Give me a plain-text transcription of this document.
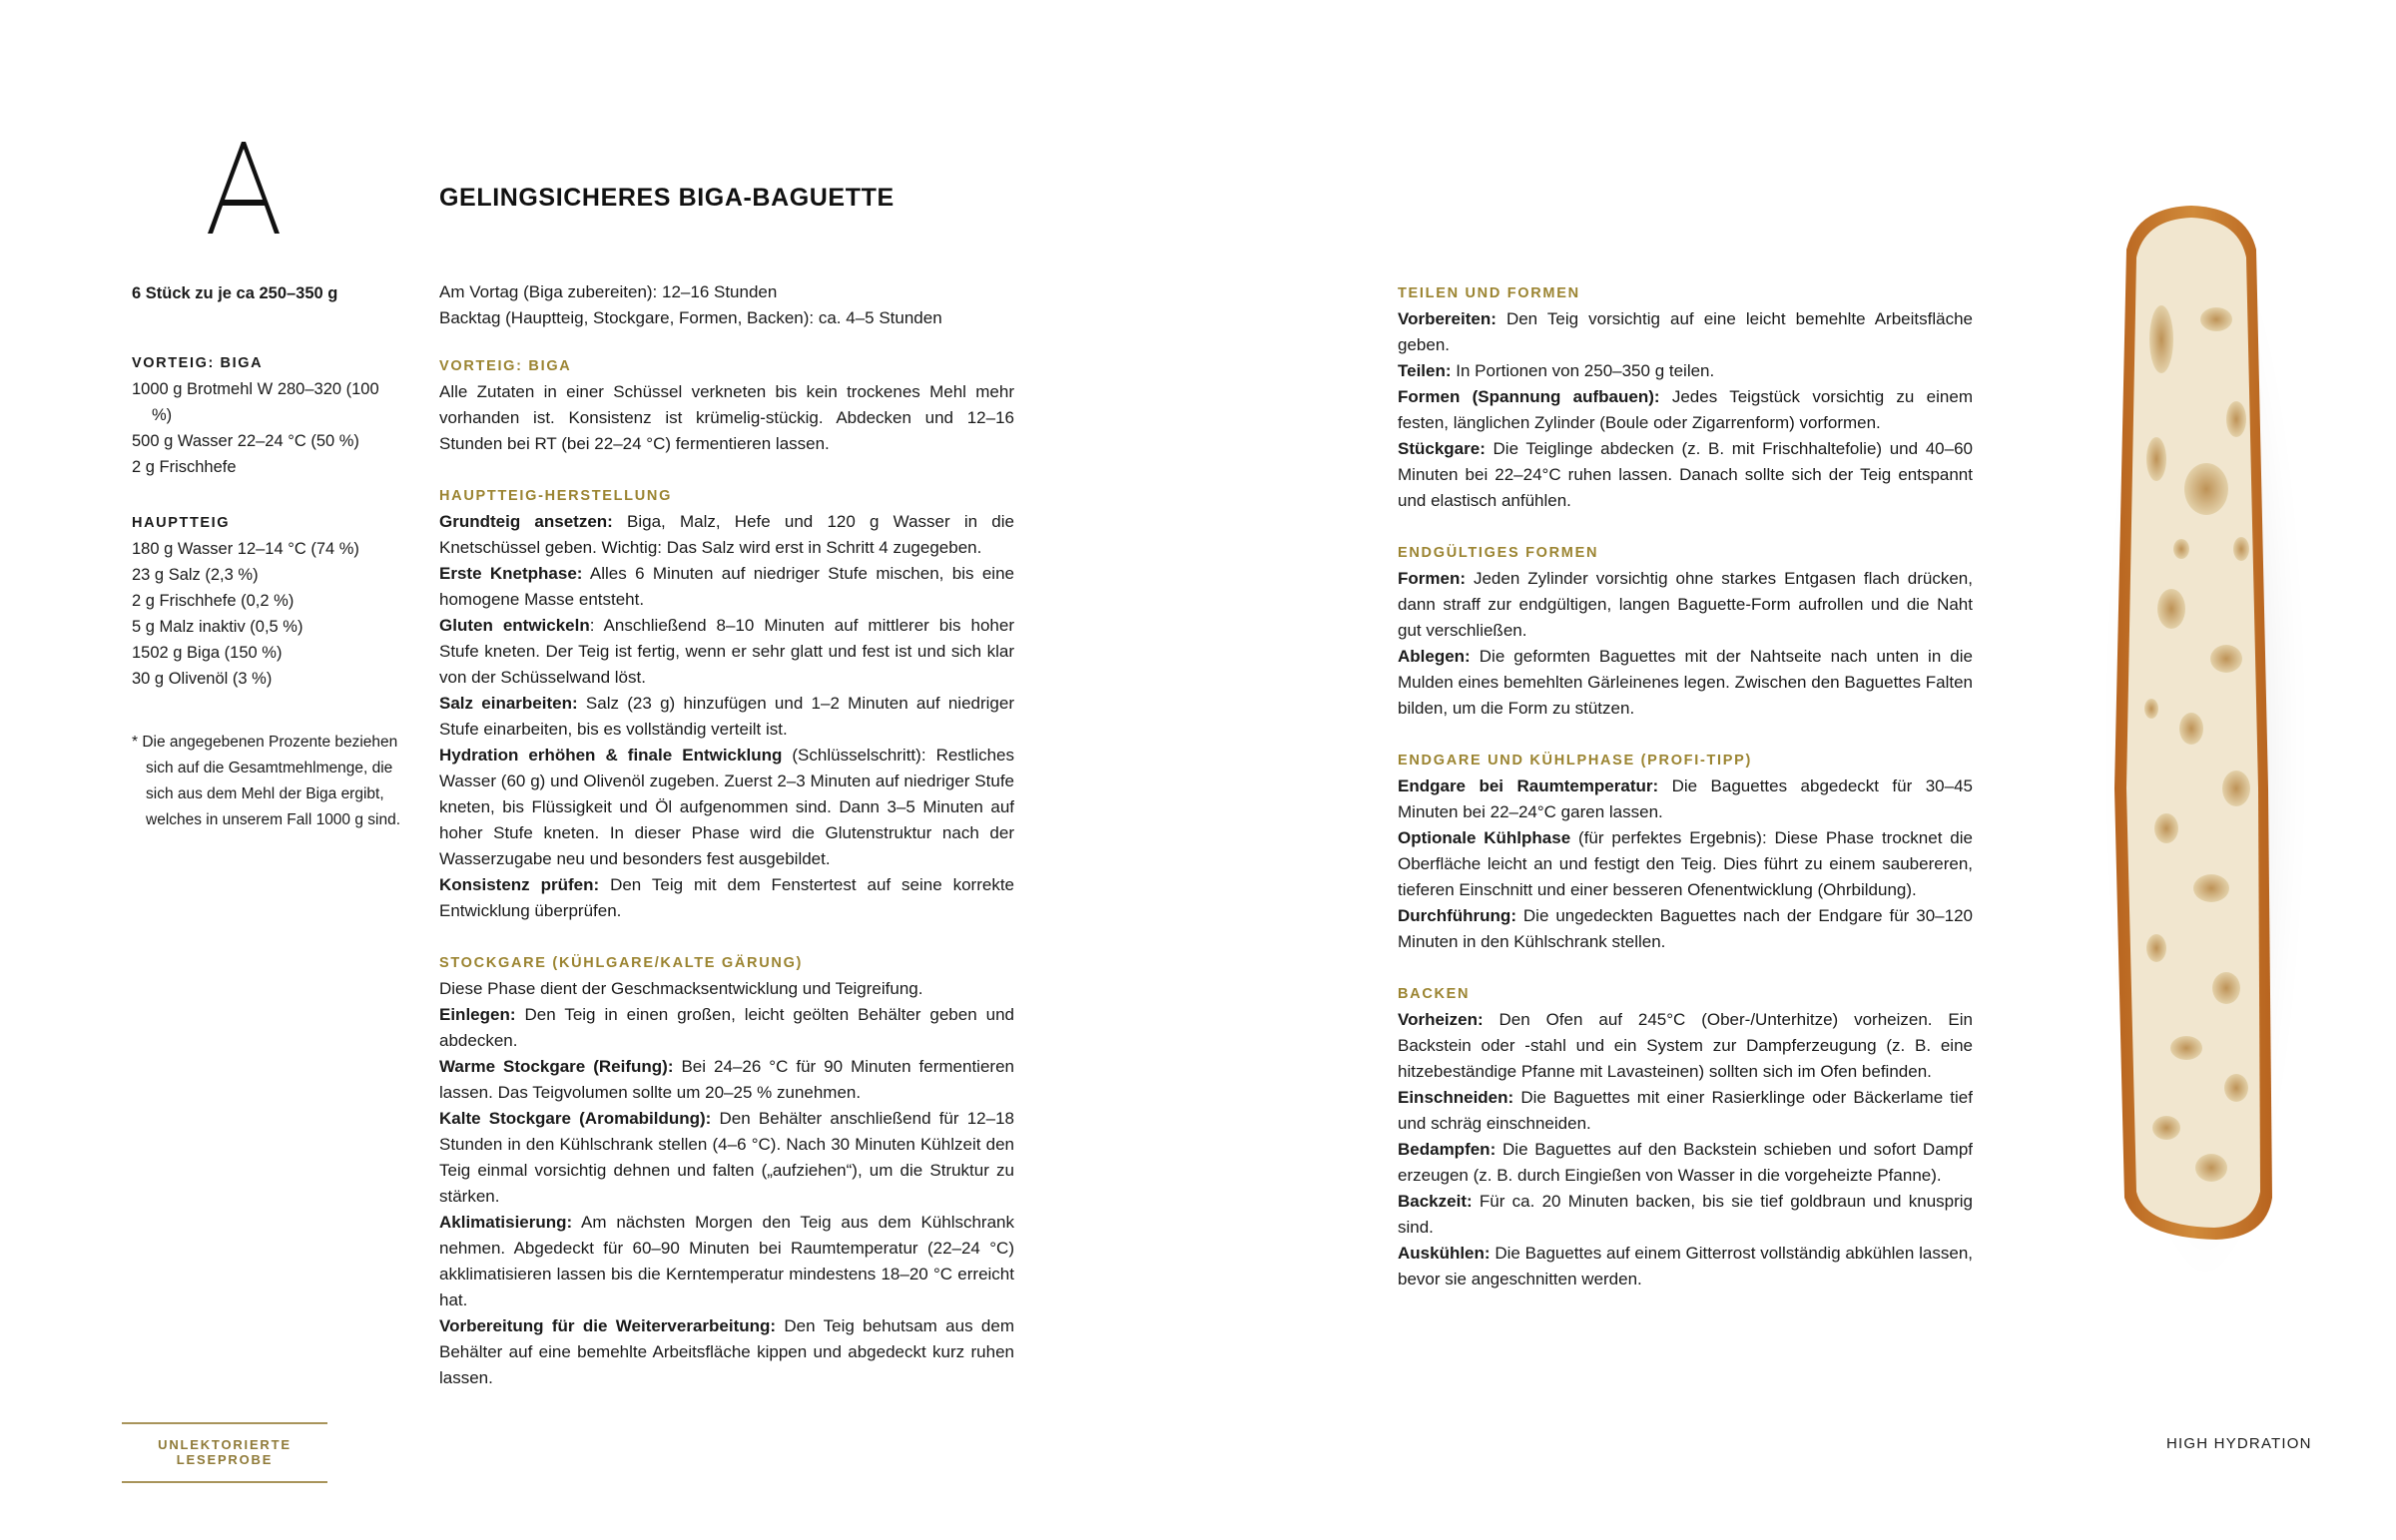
GELINGSICHERES BIGA-BAGUETTE
6 Stück zu je ca 250–350 g
VORTEIG: BIGA
1000 g Brotmehl W 280–320 (100 %)
500 g Wasser 22–24 °C (50 %)
2 g Frischhefe
HAUPTTEIG
180 g Wasser 12–14 °C (74 %)
23 g Salz (2,3 %)
2 g Frischhefe (0,2 %)
5 g Malz inaktiv (0,5 %)
1502 g Biga (150 %)
30 g Olivenöl (3 %)
* Die angegebenen Prozente beziehen sich auf die Gesamtmehlmenge, die sich aus dem Mehl der Biga ergibt, welches in unserem Fall 1000 g sind.
Am Vortag (Biga zubereiten): 12–16 Stunden
Backtag (Hauptteig, Stockgare, Formen, Backen): ca. 4–5 Stunden
VORTEIG: BIGA

Alle Zutaten in einer Schüssel verkneten bis kein trockenes Mehl mehr vorhanden ist. Konsistenz ist krümelig-stückig. Abdecken und 12–16 Stunden bei RT (bei 22–24 °C) fermentieren lassen.

HAUPTTEIG-HERSTELLUNG

Grundteig ansetzen: Biga, Malz, Hefe und 120 g Wasser in die Knetschüssel geben. Wichtig: Das Salz wird erst in Schritt 4 zugegeben.

Erste Knetphase: Alles 6 Minuten auf niedriger Stufe mischen, bis eine homogene Masse entsteht.

Gluten entwickeln: Anschließend 8–10 Minuten auf mittlerer bis hoher Stufe kneten. Der Teig ist fertig, wenn er sehr glatt und fest ist und sich klar von der Schüsselwand löst.

Salz einarbeiten: Salz (23 g) hinzufügen und 1–2 Minuten auf niedriger Stufe einarbeiten, bis es vollständig verteilt ist.

Hydration erhöhen & finale Entwicklung (Schlüsselschritt): Restliches Wasser (60 g) und Olivenöl zugeben. Zuerst 2–3 Minuten auf niedriger Stufe kneten, bis Flüssigkeit und Öl aufgenommen sind. Dann 3–5 Minuten auf hoher Stufe kneten. In dieser Phase wird die Glutenstruktur nach der Wasserzugabe neu und besonders fest ausgebildet.

Konsistenz prüfen: Den Teig mit dem Fenstertest auf seine korrekte Entwicklung überprüfen.

STOCKGARE (KÜHLGARE/KALTE GÄRUNG)

Diese Phase dient der Geschmacksentwicklung und Teigreifung.

Einlegen: Den Teig in einen großen, leicht geölten Behälter geben und abdecken.

Warme Stockgare (Reifung): Bei 24–26 °C für 90 Minuten fermentieren lassen. Das Teigvolumen sollte um 20–25 % zunehmen.

Kalte Stockgare (Aromabildung): Den Behälter anschließend für 12–18 Stunden in den Kühlschrank stellen (4–6 °C). Nach 30 Minuten Kühlzeit den Teig einmal vorsichtig dehnen und falten („aufziehen“), um die Struktur zu stärken.

Aklimatisierung: Am nächsten Morgen den Teig aus dem Kühlschrank nehmen. Abgedeckt für 60–90 Minuten bei Raumtemperatur (22–24 °C) akklimatisieren lassen bis die Kerntemperatur mindestens 18–20 °C erreicht hat.

Vorbereitung für die Weiterverarbeitung: Den Teig behutsam aus dem Behälter auf eine bemehlte Arbeitsfläche kippen und abgedeckt kurz ruhen lassen.

UNLEKTORIERTE LESEPROBE
TEILEN UND FORMEN

Vorbereiten: Den Teig vorsichtig auf eine leicht bemehlte Arbeitsfläche geben.

Teilen: In Portionen von 250–350 g teilen.

Formen (Spannung aufbauen): Jedes Teigstück vorsichtig zu einem festen, länglichen Zylinder (Boule oder Zigarrenform) vorformen.

Stückgare: Die Teiglinge abdecken (z. B. mit Frischhaltefolie) und 40–60 Minuten bei 22–24°C ruhen lassen. Danach sollte sich der Teig entspannt und elastisch anfühlen.

ENDGÜLTIGES FORMEN

Formen: Jeden Zylinder vorsichtig ohne starkes Entgasen flach drücken, dann straff zur endgültigen, langen Baguette-Form aufrollen und die Naht gut verschließen.

Ablegen: Die geformten Baguettes mit der Nahtseite nach unten in die Mulden eines bemehlten Gärleinenes legen. Zwischen den Baguettes Falten bilden, um die Form zu stützen.

ENDGARE UND KÜHLPHASE (PROFI-TIPP)

Endgare bei Raumtemperatur: Die Baguettes abgedeckt für 30–45 Minuten bei 22–24°C garen lassen.

Optionale Kühlphase (für perfektes Ergebnis): Diese Phase trocknet die Oberfläche leicht an und festigt den Teig. Dies führt zu einem saubereren, tieferen Einschnitt und einer besseren Ofenentwicklung (Ohrbildung).

Durchführung: Die ungedeckten Baguettes nach der Endgare für 30–120 Minuten in den Kühlschrank stellen.

BACKEN

Vorheizen: Den Ofen auf 245°C (Ober-/Unterhitze) vorheizen. Ein Backstein oder -stahl und ein System zur Dampferzeugung (z. B. eine hitzebeständige Pfanne mit Lavasteinen) sollten sich im Ofen befinden.

Einschneiden: Die Baguettes mit einer Rasierklinge oder Bäckerlame tief und schräg einschneiden.

Bedampfen: Die Baguettes auf den Backstein schieben und sofort Dampf erzeugen (z. B. durch Eingießen von Wasser in die vorgeheizte Pfanne).

Backzeit: Für ca. 20 Minuten backen, bis sie tief goldbraun und knusprig sind.

Auskühlen: Die Baguettes auf einem Gitterrost vollständig abkühlen lassen, bevor sie angeschnitten werden.

HIGH HYDRATION
